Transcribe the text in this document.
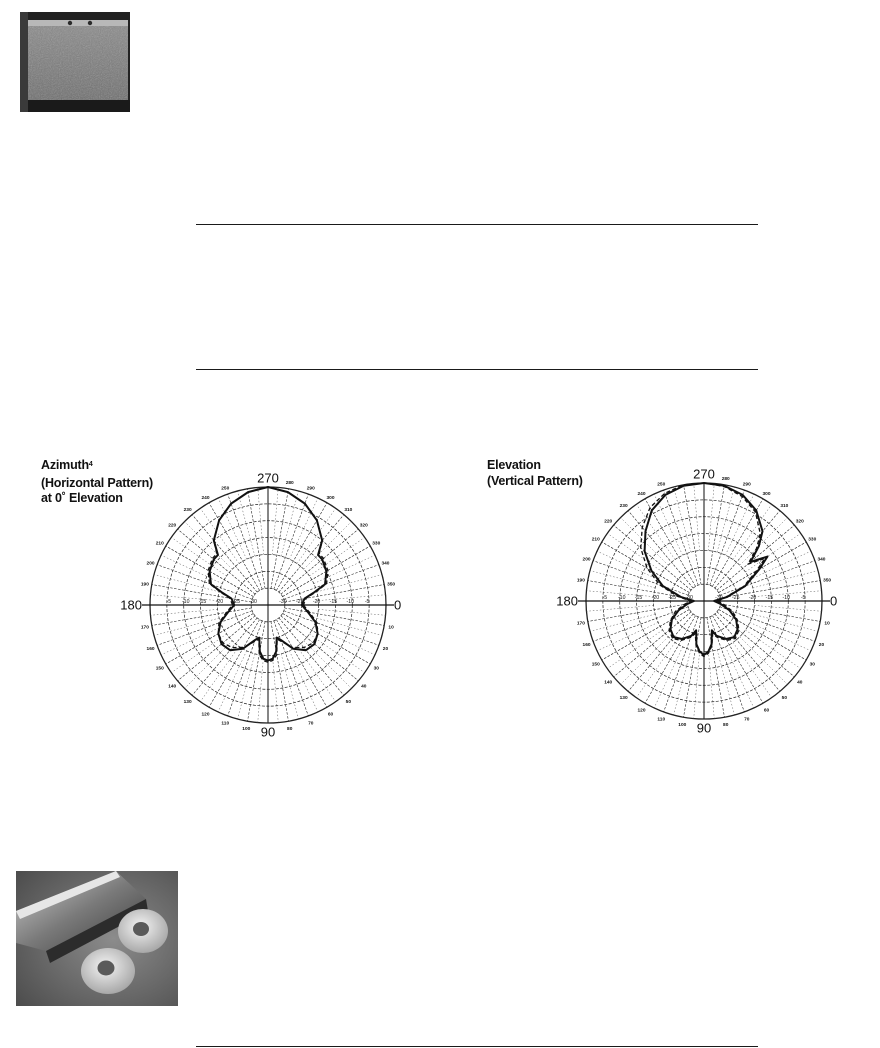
Azimuth$^4$
(Horizontal Pattern)
at 0˚ Elevation
Elevation
(Vertical Pattern)
-5
-5	-10
-10	-15
-15	-20
-20	-25
-25	-30
-30
270
180	0
90
250
240
230
220
210
200
190
280
290
300
310
320
330
340
350
170
160
150
140
130
120
110
100	80
70
60
50
40
30
20
10
-5
-5	-10
-10	-15
-15	-20
-20	-25
-25	-30
-30
270
180	0
90
250
240
230
220
210
200
190
280
290
300
310
320
330
340
350
170
160
150
140
130
120
110
100	80
70
60
50
40
30
20
10
